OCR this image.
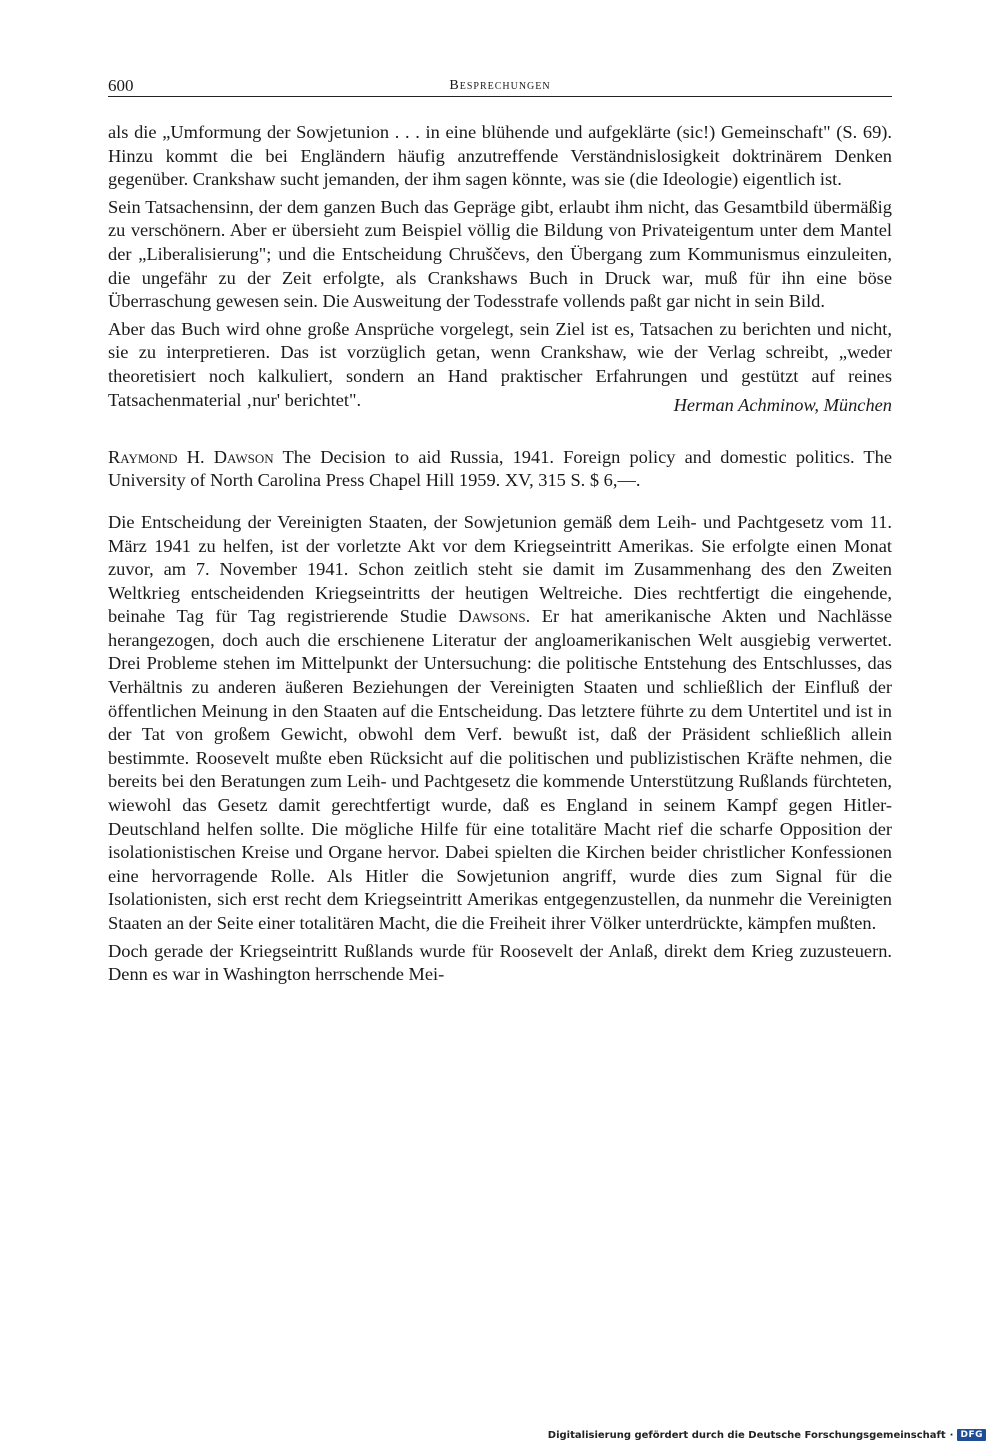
600	Besprechungen

als die „Umformung der Sowjetunion . . . in eine blühende und aufgeklärte (sic!) Gemeinschaft" (S. 69). Hinzu kommt die bei Engländern häufig anzutreffende Verständnislosigkeit doktrinärem Denken gegenüber. Crankshaw sucht jemanden, der ihm sagen könnte, was sie (die Ideologie) eigentlich ist.

Sein Tatsachensinn, der dem ganzen Buch das Gepräge gibt, erlaubt ihm nicht, das Gesamtbild übermäßig zu verschönern. Aber er übersieht zum Beispiel völlig die Bildung von Privateigentum unter dem Mantel der „Liberalisierung"; und die Entscheidung Chruščevs, den Übergang zum Kommunismus einzuleiten, die ungefähr zu der Zeit erfolgte, als Crankshaws Buch in Druck war, muß für ihn eine böse Überraschung gewesen sein. Die Ausweitung der Todesstrafe vollends paßt gar nicht in sein Bild.

Aber das Buch wird ohne große Ansprüche vorgelegt, sein Ziel ist es, Tatsachen zu berichten und nicht, sie zu interpretieren. Das ist vorzüglich getan, wenn Crankshaw, wie der Verlag schreibt, „weder theoretisiert noch kalkuliert, sondern an Hand praktischer Erfahrungen und gestützt auf reines Tatsachenmaterial ‚nur' berichtet".	Herman Achminow, München

Raymond H. Dawson The Decision to aid Russia, 1941. Foreign policy and domestic politics. The University of North Carolina Press Chapel Hill 1959. XV, 315 S. $ 6,—.

Die Entscheidung der Vereinigten Staaten, der Sowjetunion gemäß dem Leih- und Pachtgesetz vom 11. März 1941 zu helfen, ist der vorletzte Akt vor dem Kriegseintritt Amerikas. Sie erfolgte einen Monat zuvor, am 7. November 1941. Schon zeitlich steht sie damit im Zusammenhang des den Zweiten Weltkrieg entscheidenden Kriegseintritts der heutigen Weltreiche. Dies rechtfertigt die eingehende, beinahe Tag für Tag registrierende Studie Dawsons. Er hat amerikanische Akten und Nachlässe herangezogen, doch auch die erschienene Literatur der angloamerikanischen Welt ausgiebig verwertet. Drei Probleme stehen im Mittelpunkt der Untersuchung: die politische Entstehung des Entschlusses, das Verhältnis zu anderen äußeren Beziehungen der Vereinigten Staaten und schließlich der Einfluß der öffentlichen Meinung in den Staaten auf die Entscheidung. Das letztere führte zu dem Untertitel und ist in der Tat von großem Gewicht, obwohl dem Verf. bewußt ist, daß der Präsident schließlich allein bestimmte. Roosevelt mußte eben Rücksicht auf die politischen und publizistischen Kräfte nehmen, die bereits bei den Beratungen zum Leih- und Pachtgesetz die kommende Unterstützung Rußlands fürchteten, wiewohl das Gesetz damit gerechtfertigt wurde, daß es England in seinem Kampf gegen Hitler-Deutschland helfen sollte. Die mögliche Hilfe für eine totalitäre Macht rief die scharfe Opposition der isolationistischen Kreise und Organe hervor. Dabei spielten die Kirchen beider christlicher Konfessionen eine hervorragende Rolle. Als Hitler die Sowjetunion angriff, wurde dies zum Signal für die Isolationisten, sich erst recht dem Kriegseintritt Amerikas entgegenzustellen, da nunmehr die Vereinigten Staaten an der Seite einer totalitären Macht, die die Freiheit ihrer Völker unterdrückte, kämpfen mußten.

Doch gerade der Kriegseintritt Rußlands wurde für Roosevelt der Anlaß, direkt dem Krieg zuzusteuern. Denn es war in Washington herrschende Mei-

Digitalisierung gefördert durch die Deutsche Forschungsgemeinschaft · DFG
